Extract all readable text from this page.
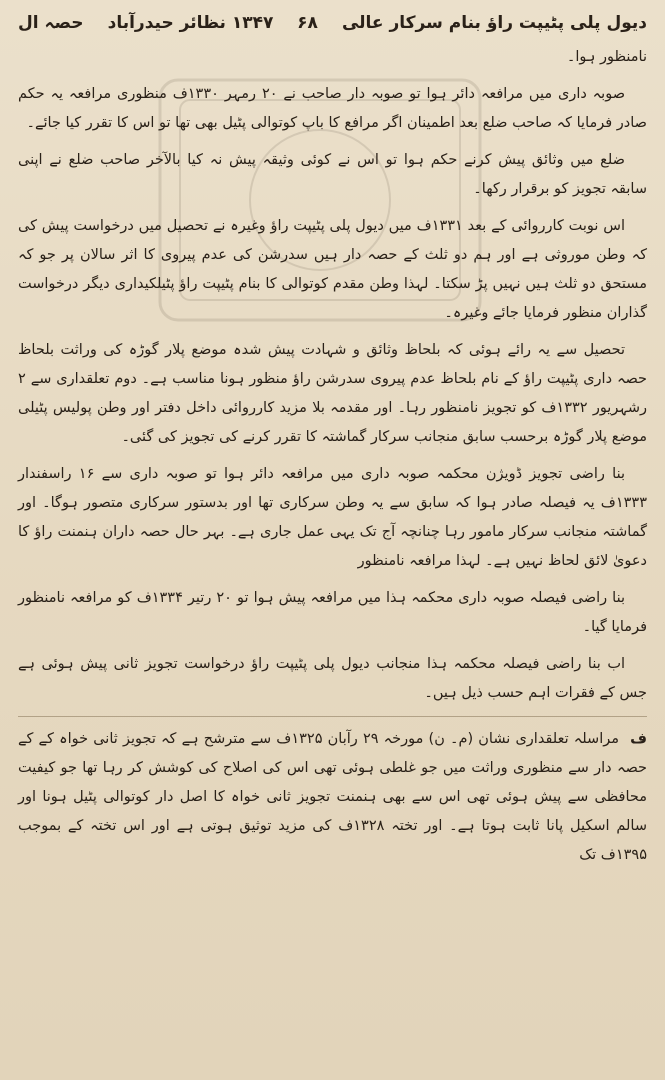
دیول پلی پٹیپت راؤ بنام سرکار عالی
۶۸    ۱۳۴۷ نظائر حیدرآباد
حصہ ال

نامنظور ہوا۔

صوبہ داری میں مرافعہ دائر ہوا تو صوبہ دار صاحب نے ۲۰ رمہر ۱۳۳۰ف منظوری مرافعہ یہ حکم صادر فرمایا کہ صاحب ضلع بعد اطمینان اگر مرافع کا باپ کوتوالی پٹیل بھی تھا تو اس کا تقرر کیا جائے۔

ضلع میں وثائق پیش کرنے حکم ہوا تو اس نے کوئی وثیقہ پیش نہ کیا بالآخر صاحب ضلع نے اپنی سابقہ تجویز کو برقرار رکھا۔

اس نوبت کارروائی کے بعد ۱۳۳۱ف میں دیول پلی پٹیپت راؤ وغیرہ نے تحصیل میں درخواست پیش کی کہ وطن موروثی ہے اور ہم دو ثلث کے حصہ دار ہیں سدرشن کی عدم پیروی کا اثر سالان پر جو کہ مستحق دو ثلث ہیں نہیں پڑ سکتا۔ لہذا وطن مقدم کوتوالی کا بنام پٹیپت راؤ پٹیلکیداری دیگر درخواست گذاران منظور فرمایا جائے وغیرہ۔

تحصیل سے یہ رائے ہوئی کہ بلحاظ وثائق و شہادت پیش شدہ موضع پلار گوڑہ کی وراثت بلحاظ حصہ داری پٹیپت راؤ کے نام بلحاظ عدم پیروی سدرشن راؤ منظور ہونا مناسب ہے۔ دوم تعلقداری سے ۲ رشہریور ۱۳۳۲ف کو تجویز نامنظور رہا۔ اور مقدمہ بلا مزید کارروائی داخل دفتر اور وطن پولیس پٹیلی موضع پلار گوڑہ برحسب سابق منجانب سرکار گماشتہ کا تقرر کرنے کی تجویز کی گئی۔

بنا راضی تجویز ڈویژن محکمہ صوبہ داری میں مرافعہ دائر ہوا تو صوبہ داری سے ۱۶ راسفندار ۱۳۳۳ف یہ فیصلہ صادر ہوا کہ سابق سے یہ وطن سرکاری تھا اور بدستور سرکاری متصور ہوگا۔ اور گماشتہ منجانب سرکار مامور رہا چنانچہ آج تک یہی عمل جاری ہے۔ بہر حال حصہ داران ہنمنت راؤ کا دعویٰ لائق لحاظ نہیں ہے۔ لہذا مرافعہ نامنظور

بنا راضی فیصلہ صوبہ داری محکمہ ہذا میں مرافعہ پیش ہوا تو ۲۰ رتیر ۱۳۳۴ف کو مرافعہ نامنظور فرمایا گیا۔

اب بنا راضی فیصلہ محکمہ ہذا منجانب دیول پلی پٹیپت راؤ درخواست تجویز ثانی پیش ہوئی ہے جس کے فقرات اہم حسب ذیل ہیں۔

ف مراسلہ تعلقداری نشان (م۔ ن) مورخہ ۲۹ رآبان ۱۳۲۵ف سے مترشح ہے کہ تجویز ثانی خواہ کے کے حصہ دار سے منظوری وراثت میں جو غلطی ہوئی تھی اس کی اصلاح کی کوشش کر رہا تھا جو کیفیت محافظی سے پیش ہوئی تھی اس سے بھی ہنمنت تجویز ثانی خواہ کا اصل دار کوتوالی پٹیل ہونا اور سالم اسکیل پانا ثابت ہوتا ہے۔ اور تختہ ۱۳۲۸ف کی مزید توثیق ہوتی ہے اور اس تختہ کے بموجب ۱۳۹۵ف تک
